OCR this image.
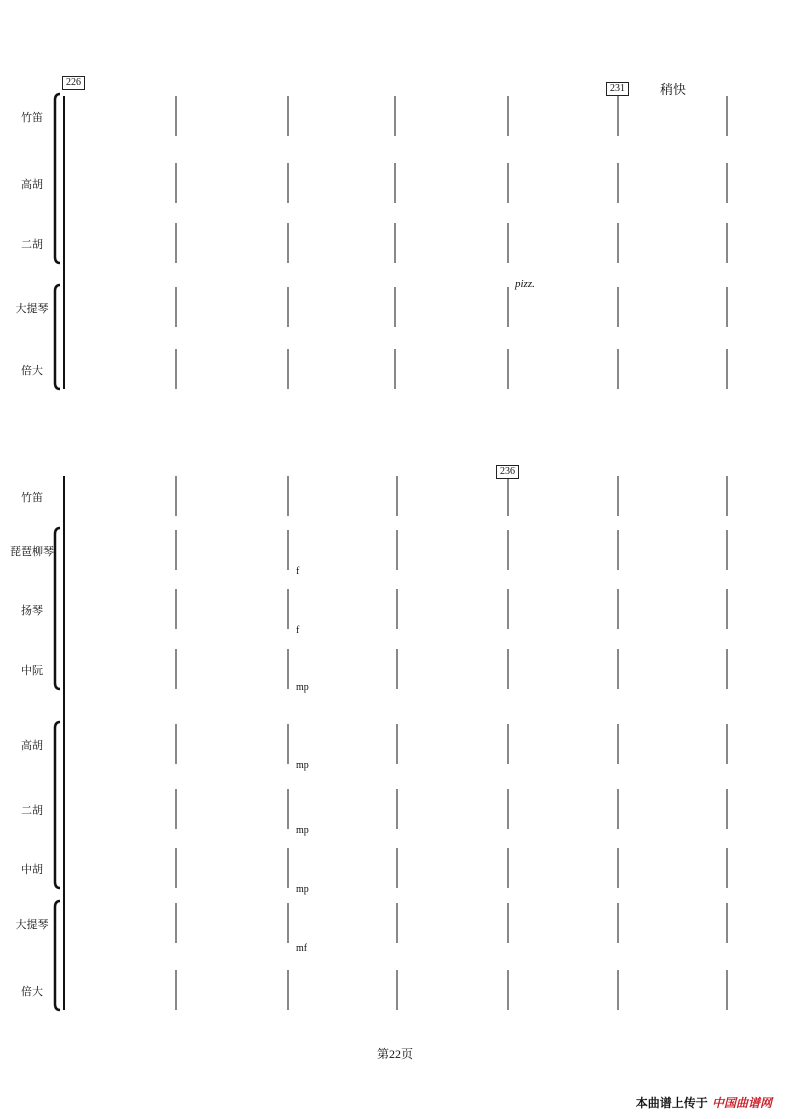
竹笛
高胡
二胡
大提琴
倍大
226
231	稍快
pizz.
竹笛
琵琶柳琴
扬琴
中阮
高胡
二胡
中胡
大提琴
倍大
236
f
f
mp
mp
mp
mp
mf
第22页
本曲谱上传于 中国曲谱网
